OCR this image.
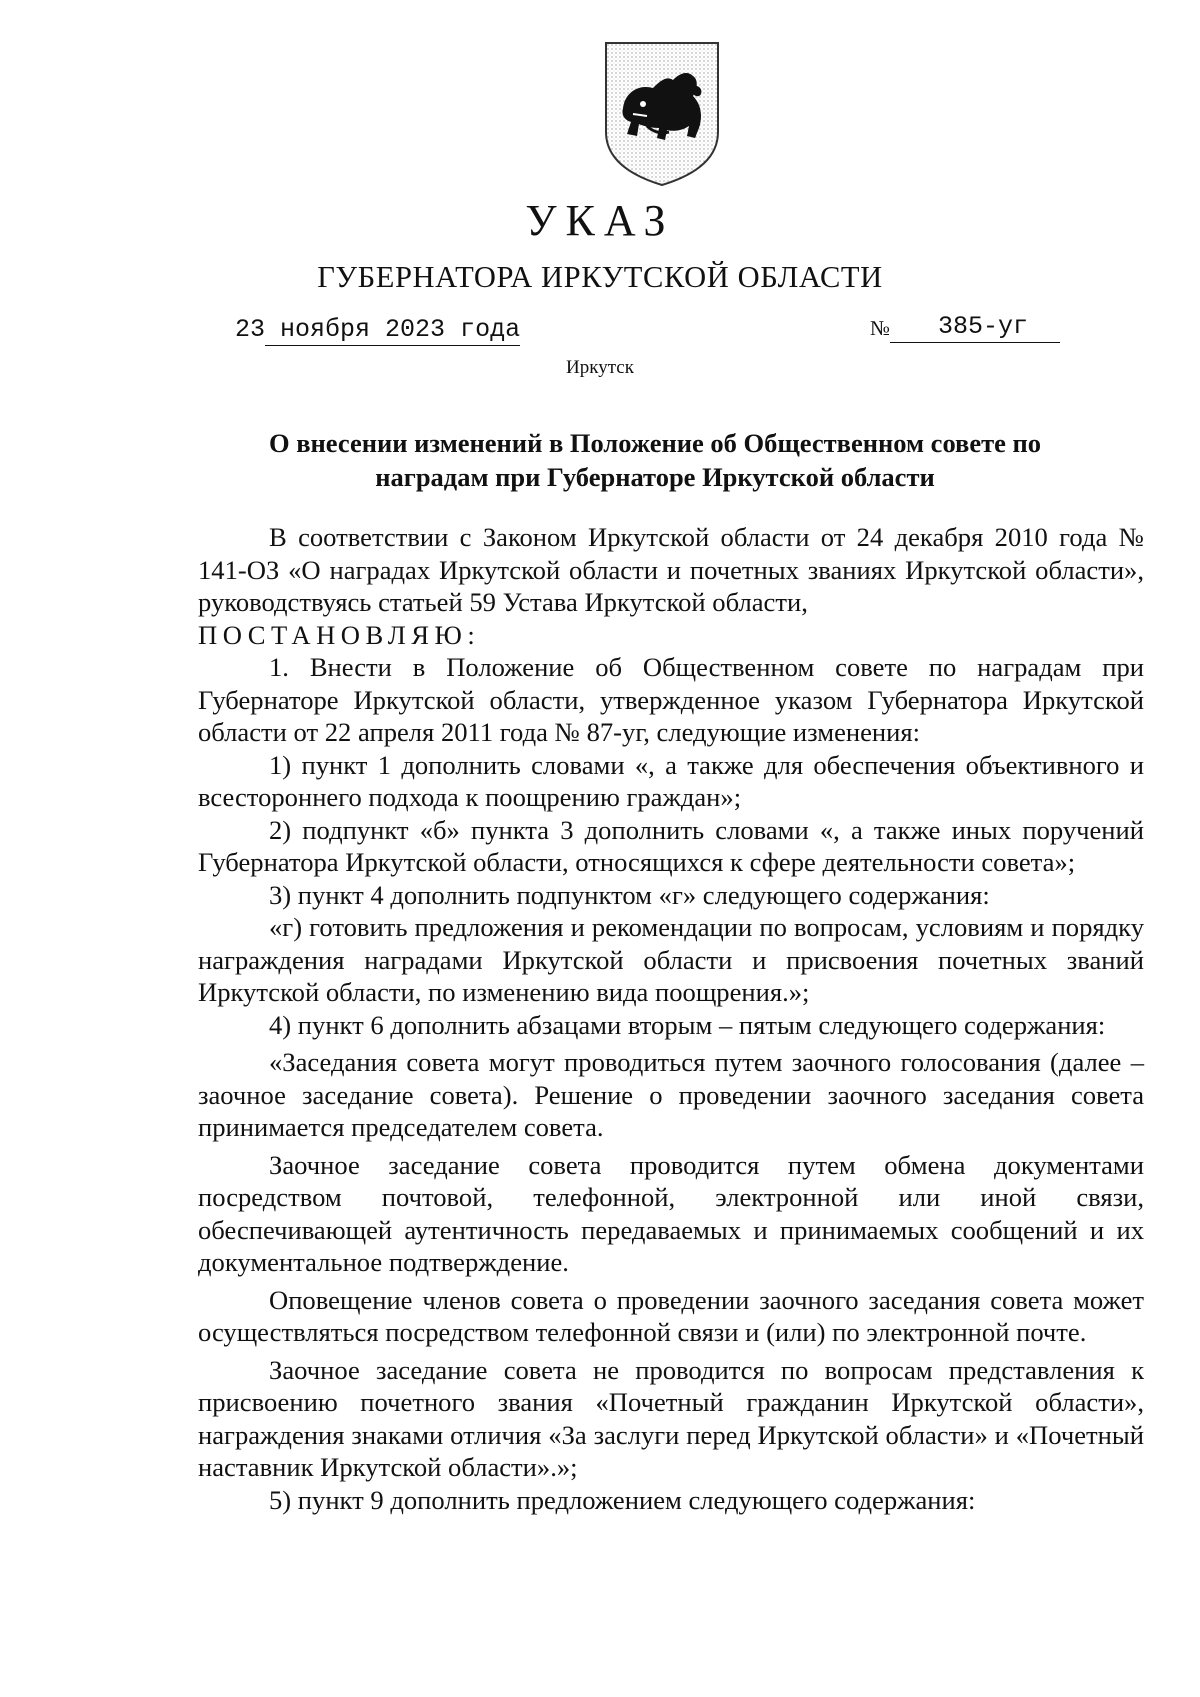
УКАЗ
ГУБЕРНАТОРА ИРКУТСКОЙ ОБЛАСТИ
23 ноября 2023 года	№ 385-уг
Иркутск
О внесении изменений в Положение об Общественном совете по
наградам при Губернаторе Иркутской области

В соответствии с Законом Иркутской области от 24 декабря 2010 года № 141-ОЗ «О наградах Иркутской области и почетных званиях Иркутской области», руководствуясь статьей 59 Устава Иркутской области,

ПОСТАНОВЛЯЮ:

1. Внести в Положение об Общественном совете по наградам при Губернаторе Иркутской области, утвержденное указом Губернатора Иркутской области от 22 апреля 2011 года № 87-уг, следующие изменения:

1) пункт 1 дополнить словами «, а также для обеспечения объективного и всестороннего подхода к поощрению граждан»;

2) подпункт «б» пункта 3 дополнить словами «, а также иных поручений Губернатора Иркутской области, относящихся к сфере деятельности совета»;

3) пункт 4 дополнить подпунктом «г» следующего содержания:

«г) готовить предложения и рекомендации по вопросам, условиям и порядку награждения наградами Иркутской области и присвоения почетных званий Иркутской области, по изменению вида поощрения.»;

4) пункт 6 дополнить абзацами вторым – пятым следующего содержания:

«Заседания совета могут проводиться путем заочного голосования (далее – заочное заседание совета). Решение о проведении заочного заседания совета принимается председателем совета.

Заочное заседание совета проводится путем обмена документами посредством почтовой, телефонной, электронной или иной связи, обеспечивающей аутентичность передаваемых и принимаемых сообщений и их документальное подтверждение.

Оповещение членов совета о проведении заочного заседания совета может осуществляться посредством телефонной связи и (или) по электронной почте.

Заочное заседание совета не проводится по вопросам представления к присвоению почетного звания «Почетный гражданин Иркутской области», награждения знаками отличия «За заслуги перед Иркутской области» и «Почетный наставник Иркутской области».»;

5) пункт 9 дополнить предложением следующего содержания:
